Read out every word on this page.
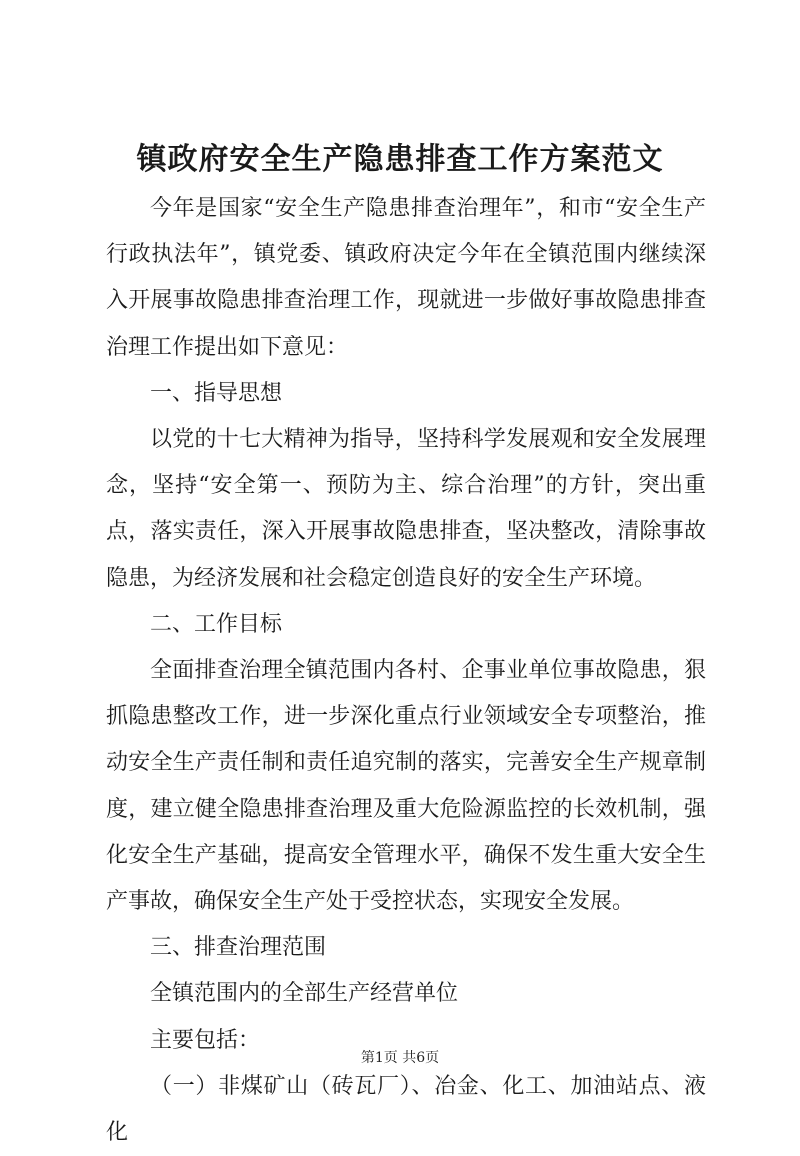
镇政府安全生产隐患排查工作方案范文

今年是国家“安全生产隐患排查治理年”，和市“安全生产行政执法年”，镇党委、镇政府决定今年在全镇范围内继续深入开展事故隐患排查治理工作，现就进一步做好事故隐患排查治理工作提出如下意见：

一、指导思想

以党的十七大精神为指导，坚持科学发展观和安全发展理念，坚持“安全第一、预防为主、综合治理”的方针，突出重点，落实责任，深入开展事故隐患排查，坚决整改，清除事故隐患，为经济发展和社会稳定创造良好的安全生产环境。

二、工作目标

全面排查治理全镇范围内各村、企事业单位事故隐患，狠抓隐患整改工作，进一步深化重点行业领域安全专项整治，推动安全生产责任制和责任追究制的落实，完善安全生产规章制度，建立健全隐患排查治理及重大危险源监控的长效机制，强化安全生产基础，提高安全管理水平，确保不发生重大安全生产事故，确保安全生产处于受控状态，实现安全发展。

三、排查治理范围

全镇范围内的全部生产经营单位

主要包括：

（一）非煤矿山（砖瓦厂）、冶金、化工、加油站点、液化

第1页 共6页
